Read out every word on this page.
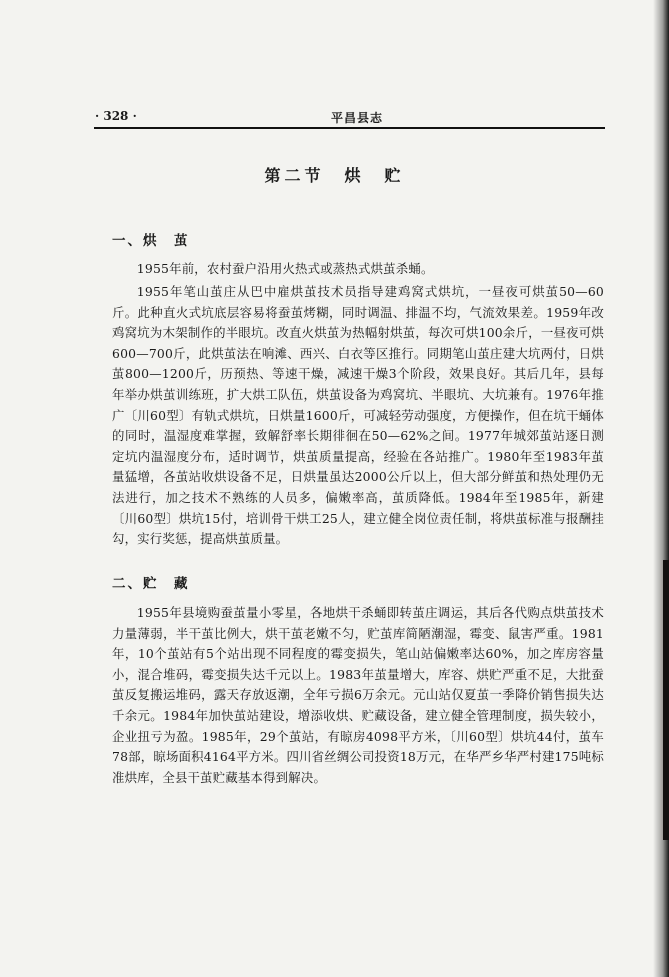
· 328 ·	平昌县志
第二节　烘　贮
一、烘　茧

1955年前，农村蚕户沿用火热式或蒸热式烘茧杀蛹。

1955年笔山茧庄从巴中雇烘茧技术员指导建鸡窝式烘坑，一昼夜可烘茧50—60斤。此种直火式坑底层容易将蚕茧烤糊，同时调温、排温不均，气流效果差。1959年改鸡窝坑为木架制作的半眼坑。改直火烘茧为热幅射烘茧，每次可烘100余斤，一昼夜可烘600—700斤，此烘茧法在响滩、西兴、白衣等区推行。同期笔山茧庄建大坑两付，日烘茧800—1200斤，历预热、等速干燥，减速干燥3个阶段，效果良好。其后几年，县每年举办烘茧训练班，扩大烘工队伍，烘茧设备为鸡窝坑、半眼坑、大坑兼有。1976年推广〔川60型〕有轨式烘坑，日烘量1600斤，可减轻劳动强度，方便操作，但在坑干蛹体的同时，温湿度难掌握，致解舒率长期徘徊在50—62%之间。1977年城郊茧站逐日测定坑内温湿度分布，适时调节，烘茧质量提高，经验在各站推广。1980年至1983年茧量猛增，各茧站收烘设备不足，日烘量虽达2000公斤以上，但大部分鲜茧和热处理仍无法进行，加之技术不熟练的人员多，偏嫩率高，茧质降低。1984年至1985年，新建〔川60型〕烘坑15付，培训骨干烘工25人，建立健全岗位责任制，将烘茧标准与报酬挂勾，实行奖惩，提高烘茧质量。

二、贮　藏

1955年县境购蚕茧量小零星，各地烘干杀蛹即转茧庄调运，其后各代购点烘茧技术力量薄弱，半干茧比例大，烘干茧老嫩不匀，贮茧库简陋潮湿，霉变、鼠害严重。1981年，10个茧站有5个站出现不同程度的霉变损失，笔山站偏嫩率达60%，加之库房容量小，混合堆码，霉变损失达千元以上。1983年茧量增大，库容、烘贮严重不足，大批蚕茧反复搬运堆码，露天存放返潮，全年亏损6万余元。元山站仅夏茧一季降价销售损失达千余元。1984年加快茧站建设，增添收烘、贮藏设备，建立健全管理制度，损失较小，企业扭亏为盈。1985年，29个茧站，有晾房4098平方米，〔川60型〕烘坑44付，茧车78部，晾场面积4164平方米。四川省丝绸公司投资18万元，在华严乡华严村建175吨标准烘库，全县干茧贮藏基本得到解决。
